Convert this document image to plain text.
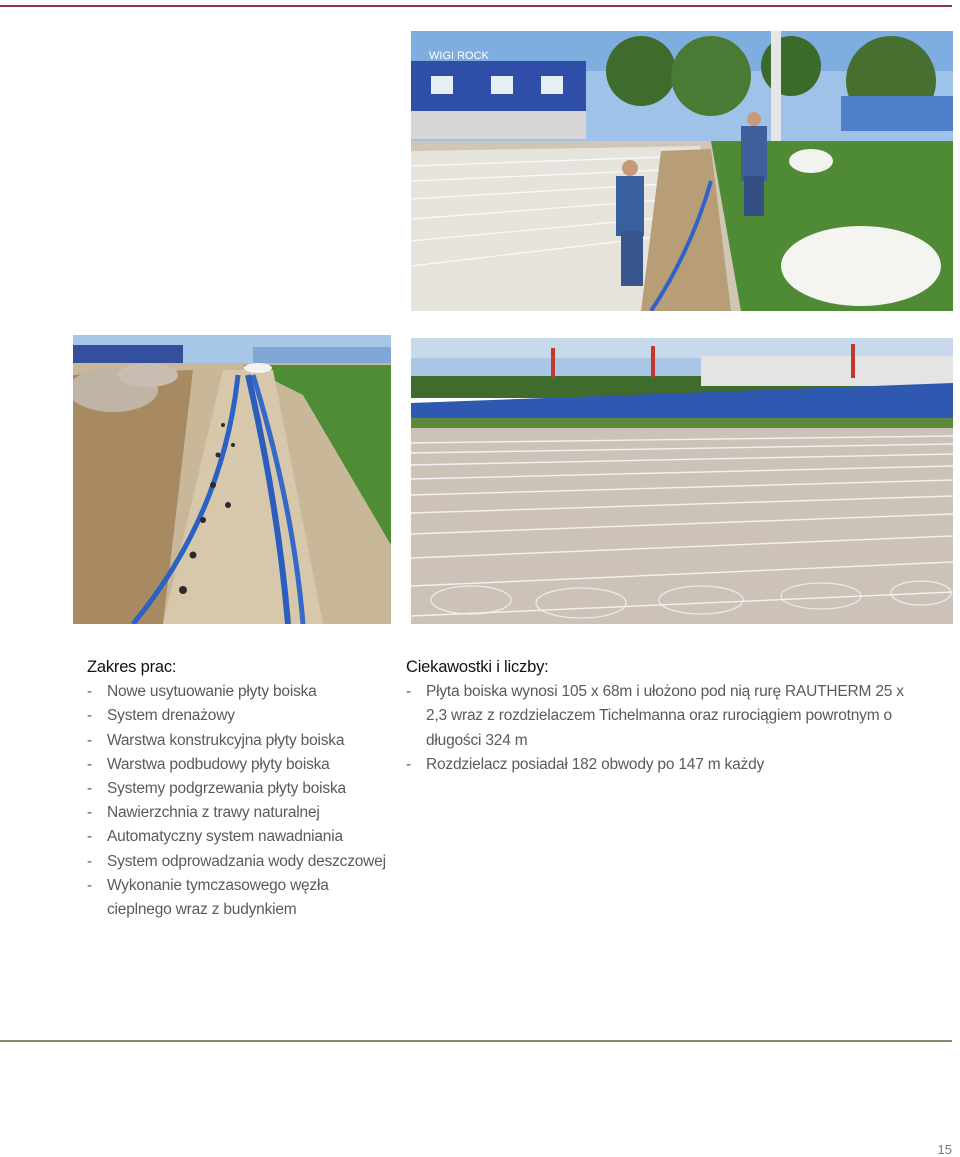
WIGI ROCK
Zakres prac:
- Nowe usytuowanie płyty boiska
- System drenażowy
- Warstwa konstrukcyjna płyty boiska
- Warstwa podbudowy płyty boiska
- Systemy podgrzewania płyty boiska
- Nawierzchnia z trawy naturalnej
- Automatyczny system nawadniania
- System odprowadzania wody deszczowej
- Wykonanie tymczasowego węzła cieplnego wraz z budynkiem
Ciekawostki i liczby:
- Płyta boiska wynosi 105 x 68m i ułożono pod nią rurę RAUTHERM 25 x 2,3 wraz z rozdzielaczem Tichelmanna oraz rurociągiem powrotnym o długości 324 m
- Rozdzielacz posiadał 182 obwody po 147 m każdy
15
